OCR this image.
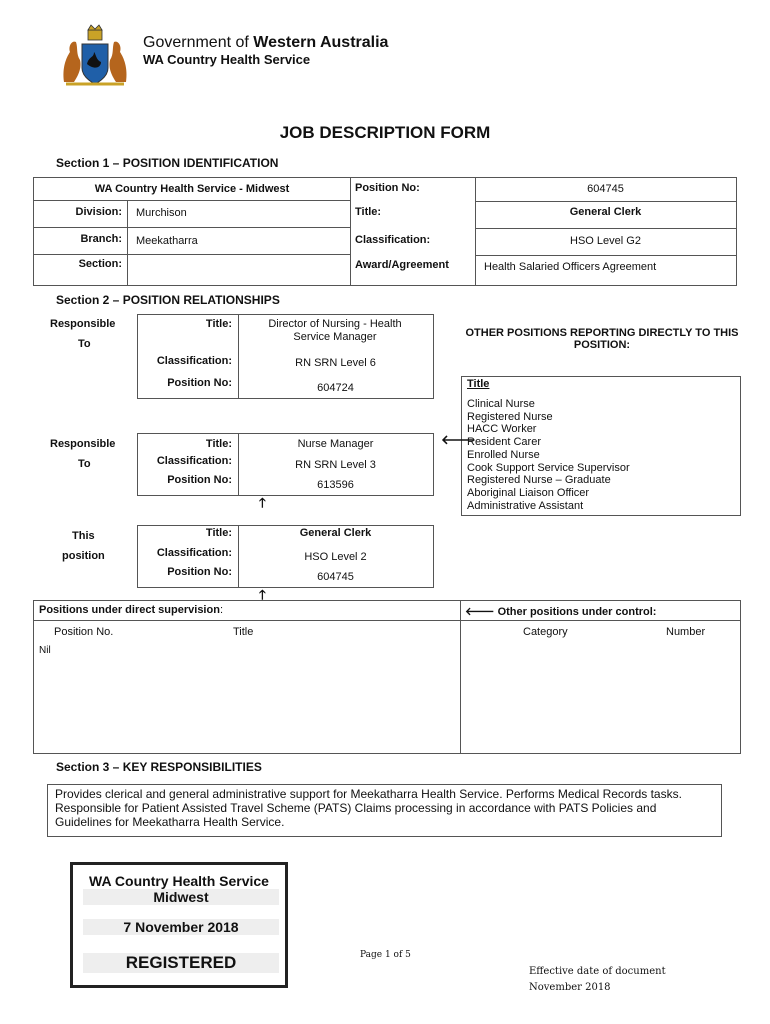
Government of Western Australia
WA Country Health Service
JOB DESCRIPTION FORM
Section 1 – POSITION IDENTIFICATION
WA Country Health Service - Midwest
Division: Murchison
Branch: Meekatharra
Section:
Position No:	604745
Title:	General Clerk
Classification:	HSO Level G2
Award/Agreement	Health Salaried Officers Agreement
Section 2 – POSITION RELATIONSHIPS
Responsible
To
Responsible
To
This
position
Title:	Director of Nursing - Health Service Manager
Classification:	RN SRN Level 6
Position No:	604724
OTHER POSITIONS REPORTING DIRECTLY TO THIS POSITION:
Title
Clinical Nurse
Registered Nurse
HACC Worker
Resident Carer
Enrolled Nurse
Cook Support Service Supervisor
Registered Nurse – Graduate
Aboriginal Liaison Officer
Administrative Assistant
Title:	Nurse Manager
Classification:	RN SRN Level 3
Position No:	613596
🡐
🡑
Title:	General Clerk
Classification:	HSO Level 2
Position No:	604745
🡑
Positions under direct supervision:
Position No.	Title
Nil
🡐 Other positions under control:
Category	Number
Section 3 – KEY RESPONSIBILITIES
Provides clerical and general administrative support for Meekatharra Health Service. Performs Medical Records tasks. Responsible for Patient Assisted Travel Scheme (PATS) Claims processing in accordance with PATS Policies and Guidelines for Meekatharra Health Service.
WA Country Health Service
Midwest
7 November 2018
REGISTERED	Page 1 of 5
Effective date of document
November 2018
